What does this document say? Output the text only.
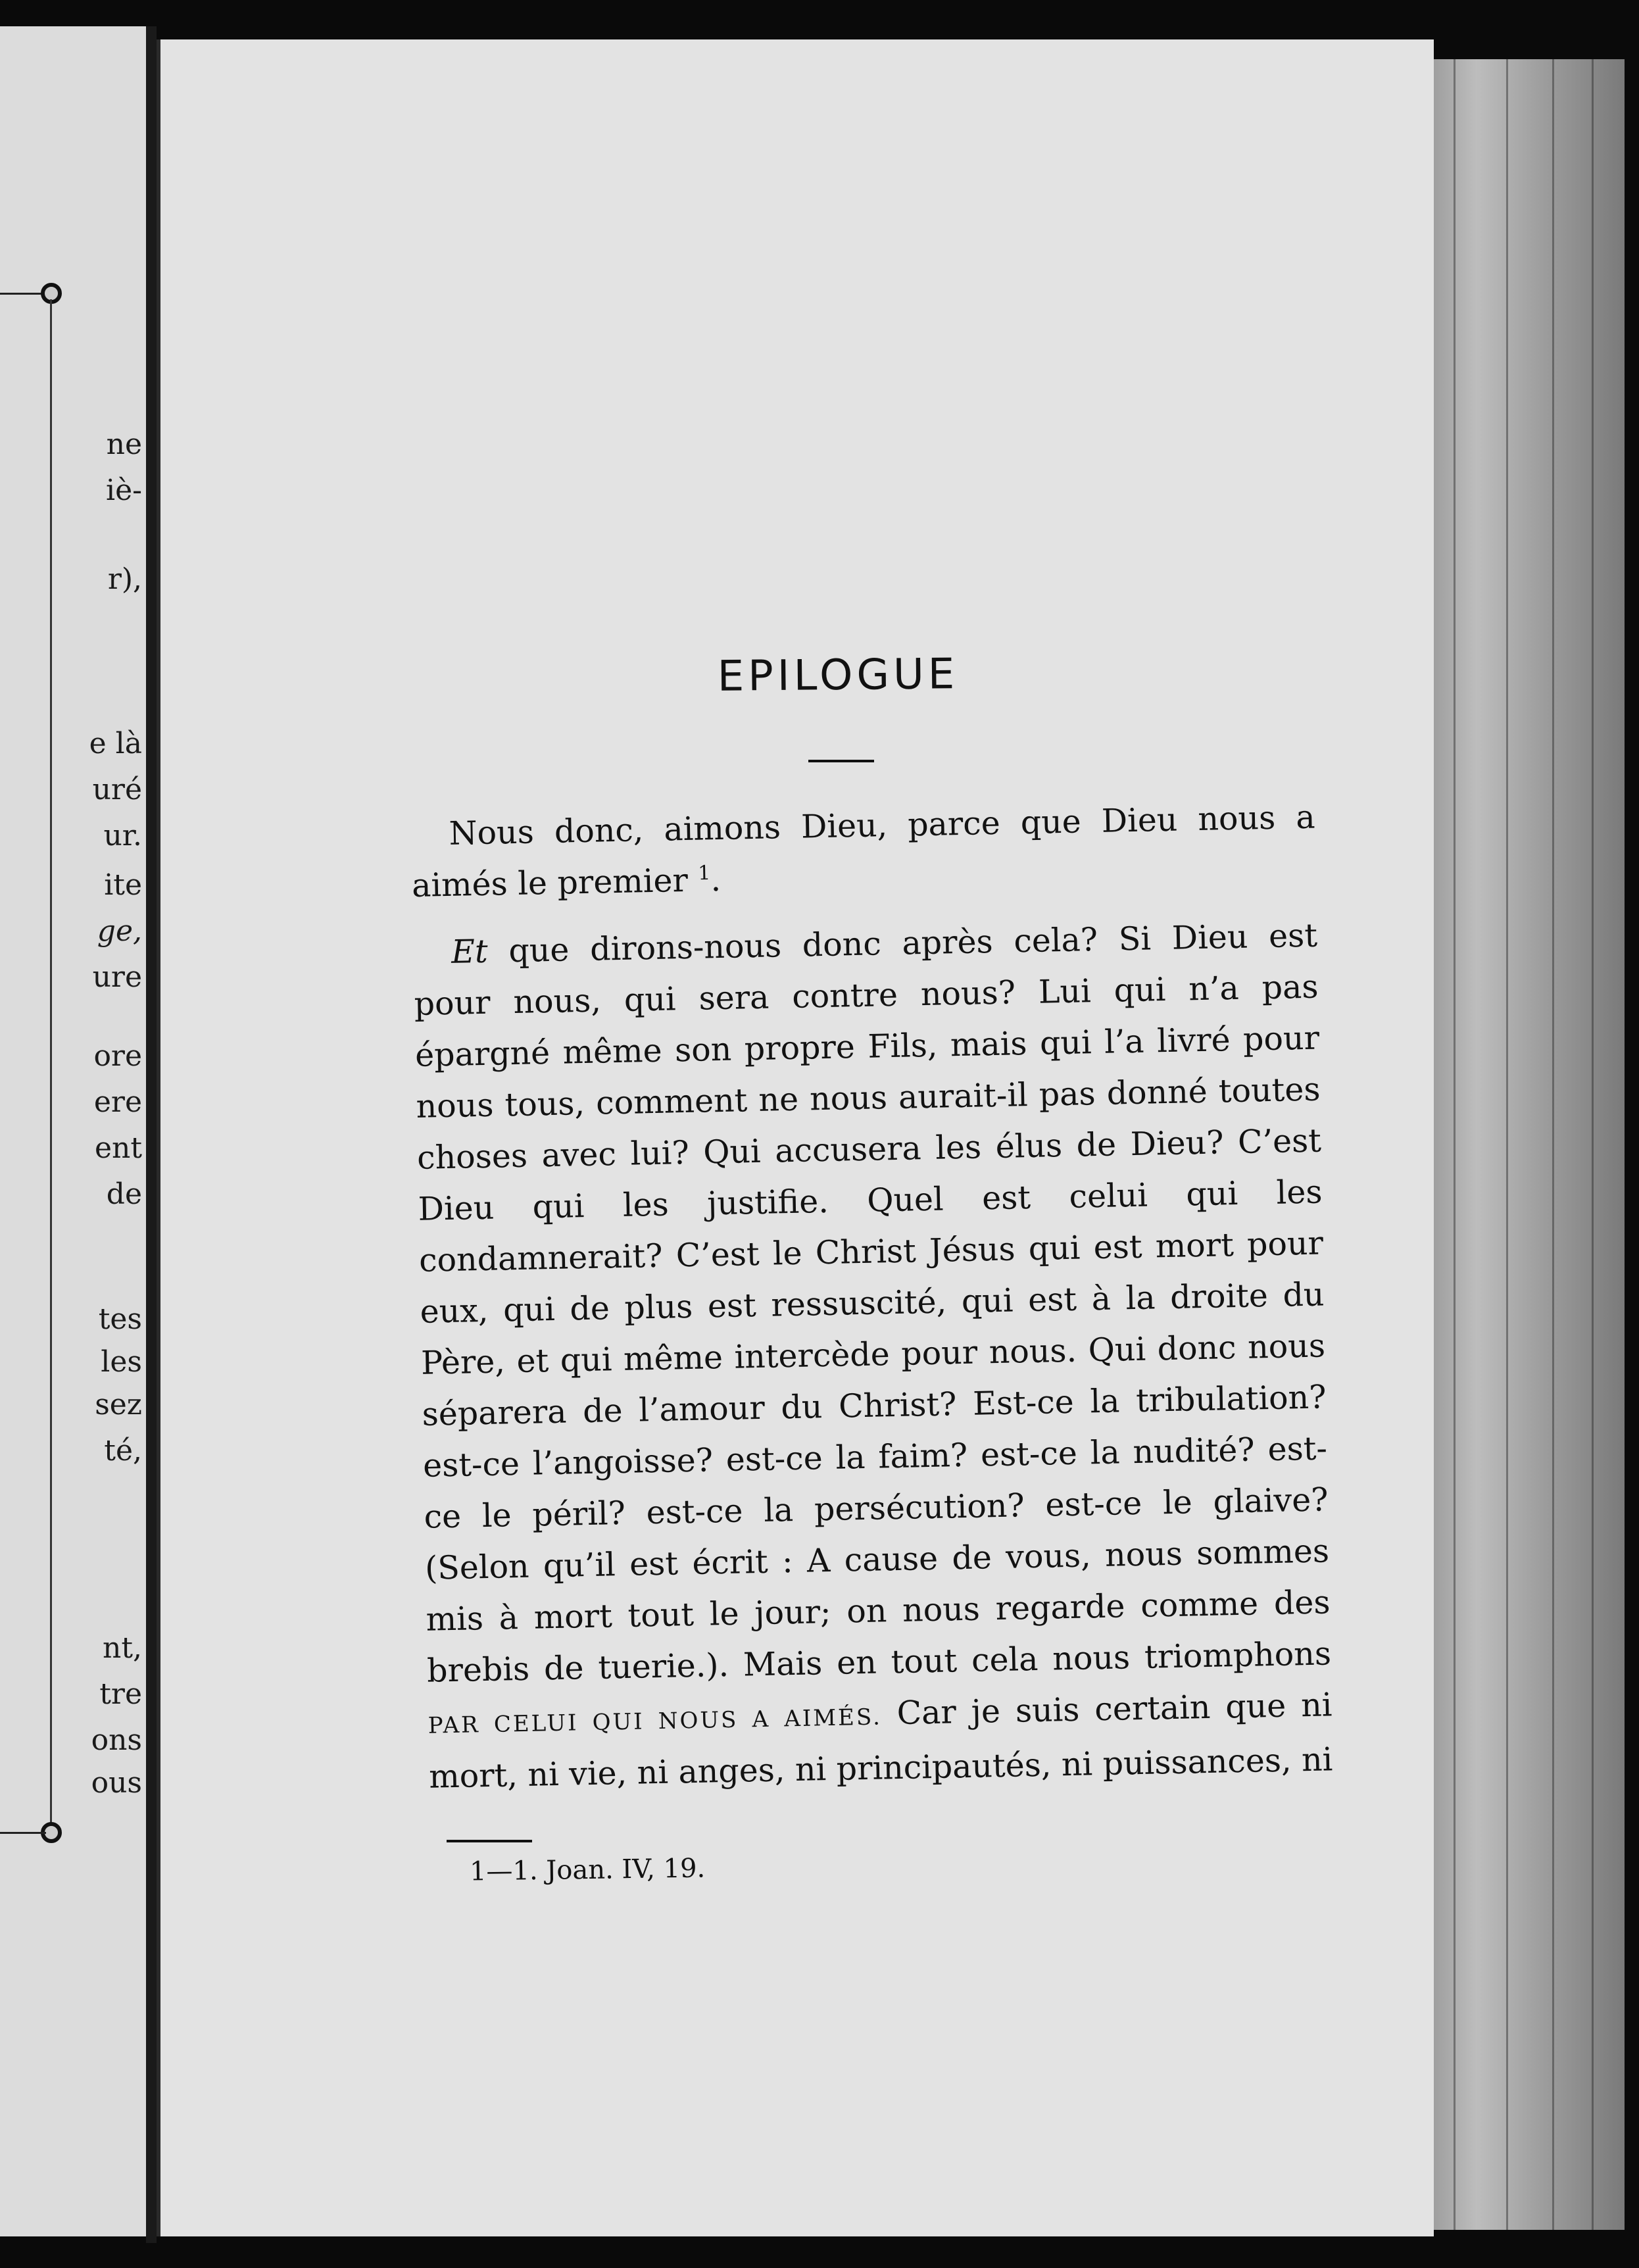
ne
iè-
r),
e là
uré
ur.
ite
ge,
ure
ore
ere
ent
de
tes
les
sez
té,
nt,
tre
ons
ous
EPILOGUE

Nous donc, aimons Dieu, parce que Dieu nous a aimés le premier $^1$.

Et que dirons-nous donc après cela? Si Dieu est pour nous, qui sera contre nous? Lui qui n’a pas épargné même son propre Fils, mais qui l’a livré pour nous tous, comment ne nous aurait-il pas donné toutes choses avec lui? Qui accusera les élus de Dieu? C’est Dieu qui les justifie. Quel est celui qui les condamnerait? C’est le Christ Jésus qui est mort pour eux, qui de plus est ressuscité, qui est à la droite du Père, et qui même intercède pour nous. Qui donc nous séparera de l’amour du Christ? Est-ce la tribulation? est-ce l’angoisse? est-ce la faim? est-ce la nudité? est-ce le péril? est-ce la persécution? est-ce le glaive? (Selon qu’il est écrit : A cause de vous, nous sommes mis à mort tout le jour; on nous regarde comme des brebis de tuerie.). Mais en tout cela nous triomphons PAR CELUI QUI NOUS A AIMÉS. Car je suis certain que ni mort, ni vie, ni anges, ni principautés, ni puissances, ni

1—1. Joan. IV, 19.
